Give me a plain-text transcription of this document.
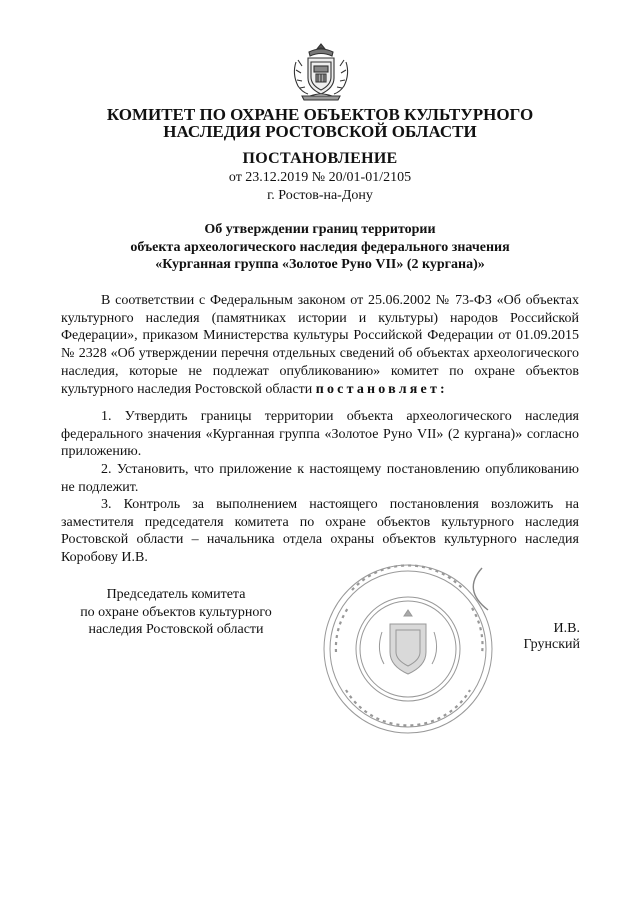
КОМИТЕТ ПО ОХРАНЕ ОБЪЕКТОВ КУЛЬТУРНОГО
НАСЛЕДИЯ РОСТОВСКОЙ ОБЛАСТИ
ПОСТАНОВЛЕНИЕ
от 23.12.2019 № 20/01-01/2105
г. Ростов-на-Дону
Об утверждении границ территории
объекта археологического наследия федерального значения
«Курганная группа «Золотое Руно VII» (2 кургана)»
В соответствии с Федеральным законом от 25.06.2002 № 73-ФЗ «Об объектах культурного наследия (памятниках истории и культуры) народов Российской Федерации», приказом Министерства культуры Российской Федерации от 01.09.2015 № 2328 «Об утверждении перечня отдельных сведений об объектах археологического наследия, которые не подлежат опубликованию» комитет по охране объектов культурного наследия Ростовской области постановляет:
1. Утвердить границы территории объекта археологического наследия федерального значения «Курганная группа «Золотое Руно VII» (2 кургана)» согласно приложению.
2. Установить, что приложение к настоящему постановлению опубликованию не подлежит.
3. Контроль за выполнением настоящего постановления возложить на заместителя председателя комитета по охране объектов культурного наследия Ростовской области – начальника отдела охраны объектов культурного наследия Коробову И.В.
Председатель комитета
по охране объектов культурного
наследия Ростовской области	И.В. Грунский
